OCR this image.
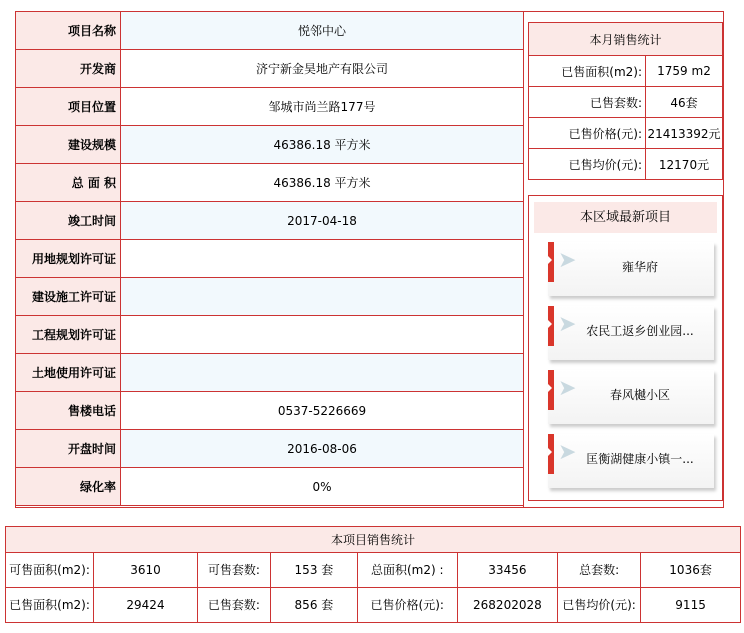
项目名称	悦邻中心
开发商	济宁新金昊地产有限公司
项目位置	邹城市尚兰路177号
建设规模	46386.18 平方米
总 面 积	46386.18 平方米
竣工时间	2017-04-18
用地规划许可证	
建设施工许可证	
工程规划许可证	
土地使用许可证	
售楼电话	0537-5226669
开盘时间	2016-08-06
绿化率	0%
本月销售统计	
已售面积(m2):	1759 m2
已售套数:	46套
已售价格(元):	21413392元
已售均价(元):	12170元
本区域最新项目
➤	雍华府
➤ 农民工返乡创业园...
➤	春风樾小区
➤ 匡衡湖健康小镇一...
本项目销售统计							
可售面积(m2):	3610	可售套数:	153 套	总面积(m2) :	33456	总套数:	1036套
已售面积(m2):	29424	已售套数:	856 套	已售价格(元):	268202028	已售均价(元):	9115
